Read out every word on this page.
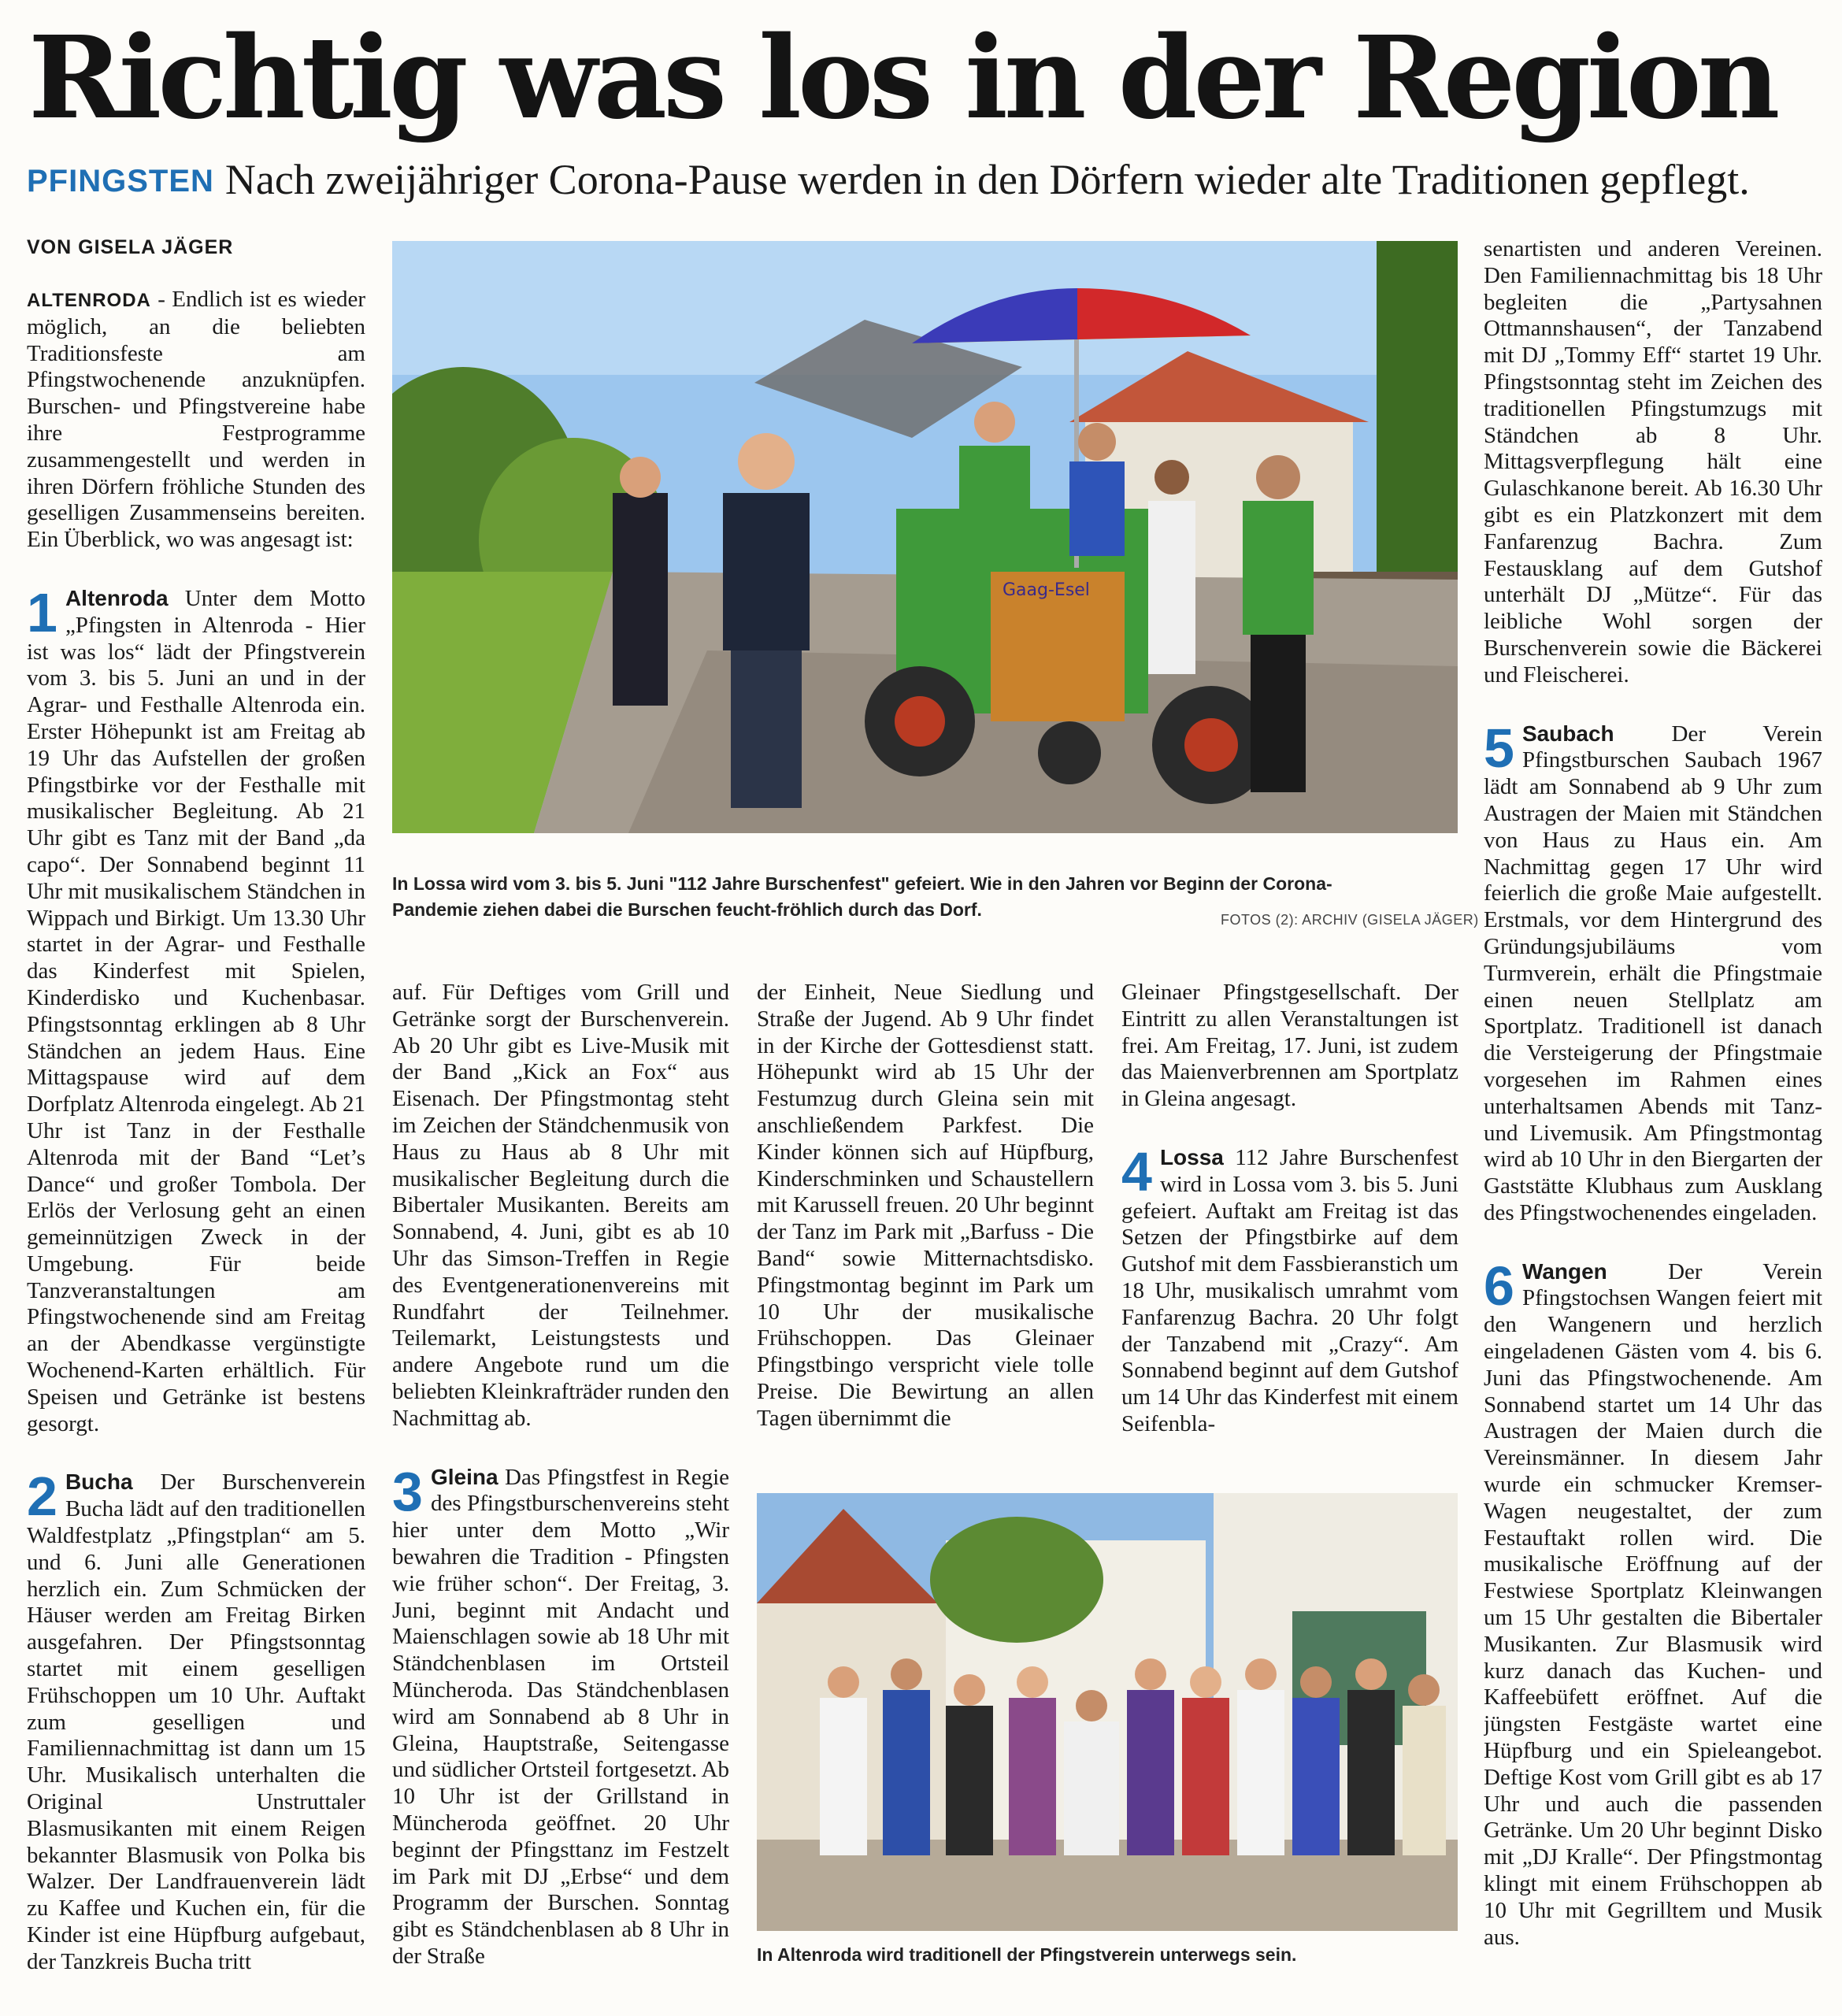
Richtig was los in der Region
PFINGSTEN Nach zweijähriger Corona-Pause werden in den Dörfern wieder alte Traditionen gepflegt.
VON GISELA JÄGER

ALTENRODA - Endlich ist es wieder möglich, an die beliebten Traditionsfeste am Pfingstwochenende anzuknüpfen. Burschen- und Pfingstvereine habe ihre Festprogramme zusammengestellt und werden in ihren Dörfern fröhliche Stunden des geselligen Zusammenseins bereiten. Ein Überblick, wo was angesagt ist:

1 Altenroda Unter dem Motto „Pfingsten in Altenroda - Hier ist was los“ lädt der Pfingstverein vom 3. bis 5. Juni an und in der Agrar- und Festhalle Altenroda ein. Erster Höhepunkt ist am Freitag ab 19 Uhr das Aufstellen der großen Pfingstbirke vor der Festhalle mit musikalischer Begleitung. Ab 21 Uhr gibt es Tanz mit der Band „da capo“. Der Sonnabend beginnt 11 Uhr mit musikalischem Ständchen in Wippach und Birkigt. Um 13.30 Uhr startet in der Agrar- und Festhalle das Kinderfest mit Spielen, Kinderdisko und Kuchenbasar. Pfingstsonntag erklingen ab 8 Uhr Ständchen an jedem Haus. Eine Mittagspause wird auf dem Dorfplatz Altenroda eingelegt. Ab 21 Uhr ist Tanz in der Festhalle Altenroda mit der Band “Let’s Dance“ und großer Tombola. Der Erlös der Verlosung geht an einen gemeinnützigen Zweck in der Umgebung. Für beide Tanzveranstaltungen am Pfingstwochenende sind am Freitag an der Abendkasse vergünstigte Wochenend-Karten erhältlich. Für Speisen und Getränke ist bestens gesorgt.

2 Bucha Der Burschenverein Bucha lädt auf den traditionellen Waldfestplatz „Pfingstplan“ am 5. und 6. Juni alle Generationen herzlich ein. Zum Schmücken der Häuser werden am Freitag Birken ausgefahren. Der Pfingstsonntag startet mit einem geselligen Frühschoppen um 10 Uhr. Auftakt zum geselligen und Familiennachmittag ist dann um 15 Uhr. Musikalisch unterhalten die Original Unstruttaler Blasmusikanten mit einem Reigen bekannter Blasmusik von Polka bis Walzer. Der Landfrauenverein lädt zu Kaffee und Kuchen ein, für die Kinder ist eine Hüpfburg aufgebaut, der Tanzkreis Bucha tritt

Gaag-Esel
In Lossa wird vom 3. bis 5. Juni "112 Jahre Burschenfest" gefeiert. Wie in den Jahren vor Beginn der Corona-Pandemie ziehen dabei die Burschen feucht-fröhlich durch das Dorf.	FOTOS (2): ARCHIV (GISELA JÄGER)

auf. Für Deftiges vom Grill und Getränke sorgt der Burschenverein. Ab 20 Uhr gibt es Live-Musik mit der Band „Kick an Fox“ aus Eisenach. Der Pfingstmontag steht im Zeichen der Ständchenmusik von Haus zu Haus ab 8 Uhr mit musikalischer Begleitung durch die Bibertaler Musikanten. Bereits am Sonnabend, 4. Juni, gibt es ab 10 Uhr das Simson-Treffen in Regie des Eventgenerationenvereins mit Rundfahrt der Teilnehmer. Teilemarkt, Leistungstests und andere Angebote rund um die beliebten Kleinkrafträder runden den Nachmittag ab.

3 Gleina Das Pfingstfest in Regie des Pfingstburschenvereins steht hier unter dem Motto „Wir bewahren die Tradition - Pfingsten wie früher schon“. Der Freitag, 3. Juni, beginnt mit Andacht und Maienschlagen sowie ab 18 Uhr mit Ständchenblasen im Ortsteil Müncheroda. Das Ständchenblasen wird am Sonnabend ab 8 Uhr in Gleina, Hauptstraße, Seitengasse und südlicher Ortsteil fortgesetzt. Ab 10 Uhr ist der Grillstand in Müncheroda geöffnet. 20 Uhr beginnt der Pfingsttanz im Festzelt im Park mit DJ „Erbse“ und dem Programm der Burschen. Sonntag gibt es Ständchenblasen ab 8 Uhr in der Straße

der Einheit, Neue Siedlung und Straße der Jugend. Ab 9 Uhr findet in der Kirche der Gottesdienst statt. Höhepunkt wird ab 15 Uhr der Festumzug durch Gleina sein mit anschließendem Parkfest. Die Kinder können sich auf Hüpfburg, Kinderschminken und Schaustellern mit Karussell freuen. 20 Uhr beginnt der Tanz im Park mit „Barfuss - Die Band“ sowie Mitternachtsdisko. Pfingstmontag beginnt im Park um 10 Uhr der musikalische Frühschoppen. Das Gleinaer Pfingstbingo verspricht viele tolle Preise. Die Bewirtung an allen Tagen übernimmt die

Gleinaer Pfingstgesellschaft. Der Eintritt zu allen Veranstaltungen ist frei. Am Freitag, 17. Juni, ist zudem das Maienverbrennen am Sportplatz in Gleina angesagt.

4 Lossa 112 Jahre Burschenfest wird in Lossa vom 3. bis 5. Juni gefeiert. Auftakt am Freitag ist das Setzen der Pfingstbirke auf dem Gutshof mit dem Fassbieranstich um 18 Uhr, musikalisch umrahmt vom Fanfarenzug Bachra. 20 Uhr folgt der Tanzabend mit „Crazy“. Am Sonnabend beginnt auf dem Gutshof um 14 Uhr das Kinderfest mit einem Seifenbla-

In Altenroda wird traditionell der Pfingstverein unterwegs sein.

senartisten und anderen Vereinen. Den Familiennachmittag bis 18 Uhr begleiten die „Partysahnen Ottmannshausen“, der Tanzabend mit DJ „Tommy Eff“ startet 19 Uhr. Pfingstsonntag steht im Zeichen des traditionellen Pfingstumzugs mit Ständchen ab 8 Uhr. Mittagsverpflegung hält eine Gulaschkanone bereit. Ab 16.30 Uhr gibt es ein Platzkonzert mit dem Fanfarenzug Bachra. Zum Festausklang auf dem Gutshof unterhält DJ „Mütze“. Für das leibliche Wohl sorgen der Burschenverein sowie die Bäckerei und Fleischerei.

5 Saubach Der Verein Pfingstburschen Saubach 1967 lädt am Sonnabend ab 9 Uhr zum Austragen der Maien mit Ständchen von Haus zu Haus ein. Am Nachmittag gegen 17 Uhr wird feierlich die große Maie aufgestellt. Erstmals, vor dem Hintergrund des Gründungsjubiläums vom Turmverein, erhält die Pfingstmaie einen neuen Stellplatz am Sportplatz. Traditionell ist danach die Versteigerung der Pfingstmaie vorgesehen im Rahmen eines unterhaltsamen Abends mit Tanz- und Livemusik. Am Pfingstmontag wird ab 10 Uhr in den Biergarten der Gaststätte Klubhaus zum Ausklang des Pfingstwochenendes eingeladen.

6 Wangen Der Verein Pfingstochsen Wangen feiert mit den Wangenern und herzlich eingeladenen Gästen vom 4. bis 6. Juni das Pfingstwochenende. Am Sonnabend startet um 14 Uhr das Austragen der Maien durch die Vereinsmänner. In diesem Jahr wurde ein schmucker Kremser-Wagen neugestaltet, der zum Festauftakt rollen wird. Die musikalische Eröffnung auf der Festwiese Sportplatz Kleinwangen um 15 Uhr gestalten die Bibertaler Musikanten. Zur Blasmusik wird kurz danach das Kuchen- und Kaffeebüfett eröffnet. Auf die jüngsten Festgäste wartet eine Hüpfburg und ein Spieleangebot. Deftige Kost vom Grill gibt es ab 17 Uhr und auch die passenden Getränke. Um 20 Uhr beginnt Disko mit „DJ Kralle“. Der Pfingstmontag klingt mit einem Frühschoppen ab 10 Uhr mit Gegrilltem und Musik aus.
